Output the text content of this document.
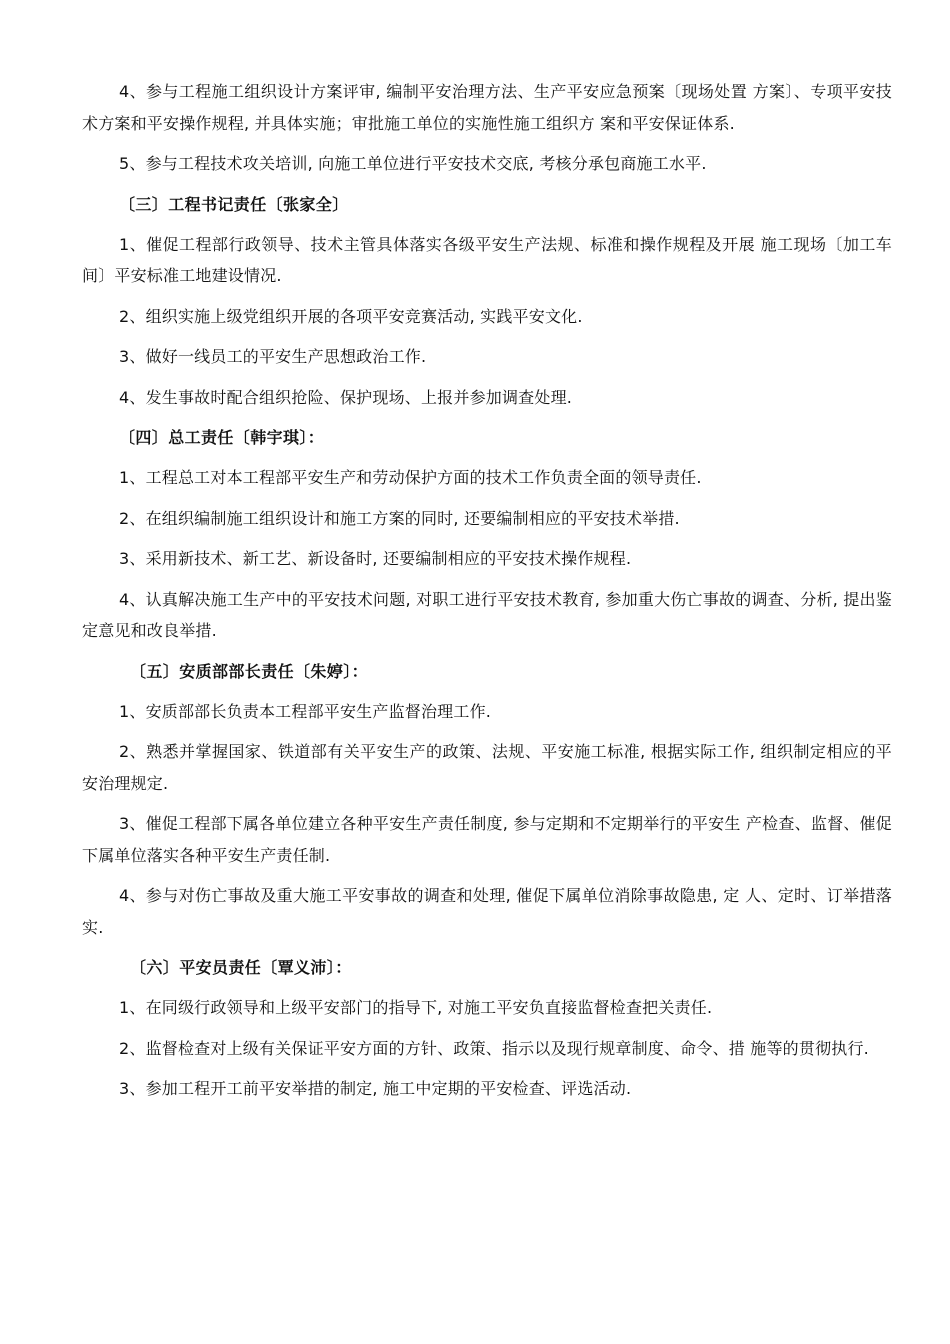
4、参与工程施工组织设计方案评审, 编制平安治理方法、生产平安应急预案〔现场处置 方案〕、专项平安技术方案和平安操作规程, 并具体实施；审批施工单位的实施性施工组织方 案和平安保证体系.

5、参与工程技术攻关培训, 向施工单位进行平安技术交底, 考核分承包商施工水平.

〔三〕工程书记责任〔张家全〕

1、催促工程部行政领导、技术主管具体落实各级平安生产法规、标准和操作规程及开展 施工现场〔加工车间〕平安标准工地建设情况.

2、组织实施上级党组织开展的各项平安竞赛活动, 实践平安文化.

3、做好一线员工的平安生产思想政治工作.

4、发生事故时配合组织抢险、保护现场、上报并参加调查处理.

〔四〕总工责任〔韩宇琪〕：

1、工程总工对本工程部平安生产和劳动保护方面的技术工作负责全面的领导责任.

2、在组织编制施工组织设计和施工方案的同时, 还要编制相应的平安技术举措.

3、采用新技术、新工艺、新设备时, 还要编制相应的平安技术操作规程.

4、认真解决施工生产中的平安技术问题, 对职工进行平安技术教育, 参加重大伤亡事故的调查、分析, 提出鉴定意见和改良举措.

〔五〕安质部部长责任〔朱婷〕：

1、安质部部长负责本工程部平安生产监督治理工作.

2、熟悉并掌握国家、铁道部有关平安生产的政策、法规、平安施工标准, 根据实际工作, 组织制定相应的平安治理规定.

3、催促工程部下属各单位建立各种平安生产责任制度, 参与定期和不定期举行的平安生 产检查、监督、催促下属单位落实各种平安生产责任制.

4、参与对伤亡事故及重大施工平安事故的调查和处理, 催促下属单位消除事故隐患, 定 人、定时、订举措落实.

〔六〕平安员责任〔覃义沛〕：

1、在同级行政领导和上级平安部门的指导下, 对施工平安负直接监督检查把关责任.

2、监督检查对上级有关保证平安方面的方针、政策、指示以及现行规章制度、命令、措 施等的贯彻执行.

3、参加工程开工前平安举措的制定, 施工中定期的平安检查、评选活动.
